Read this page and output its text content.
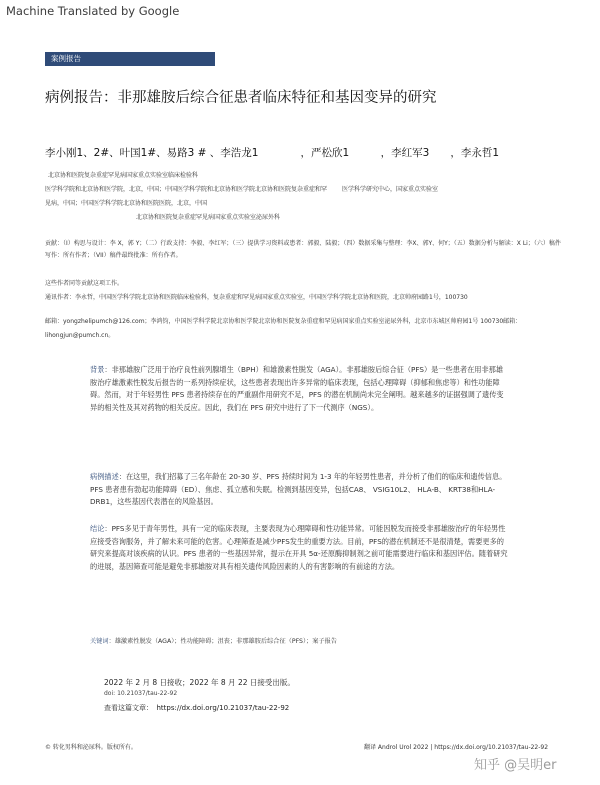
Machine Translated by Google
案例报告
病例报告：非那雄胺后综合征患者临床特征和基因变异的研究
李小刚1、2#、叶国1#、易路3 # 、李浩龙1　　　　，严松欣1　　　，李红军3　　，李永哲1
北京协和医院复杂重症罕见病国家重点实验室临床检验科
医学科学院和北京协和医学院，北京，中国；中国医学科学院和北京协和医学院北京协和医院复杂重症和罕 医学科学研究中心，国家重点实验室
见病，中国；中国医学科学院北京协和医院医院，北京，中国
北京协和医院复杂重症罕见病国家重点实验室泌尿外科
贡献：（I）构思与设计：李 X，郭 Y；（二）行政支持：李毅、李红军；（三）提供学习资料或患者：郭毅、陆毅；（四）数据采集与整理：李X、郭Y、何Y；（五）数据分析与解读：X Li；（六）稿件写作：所有作者；（VII）稿件最终批准：所有作者。
这些作者同等贡献这项工作。
通讯作者：李永哲，中国医学科学院北京协和医院临床检验科，复杂重症和罕见病国家重点实验室，中国医学科学院北京协和医院，北京帅府园路1号，100730
邮箱：yongzhelipumch@126.com；李鸿钧，中国医学科学院北京协和医学院北京协和医院复杂重症和罕见病国家重点实验室泌尿外科，北京市东城区帅府园1号 100730邮箱：
lihongjun@pumch.cn。
背景：非那雄胺广泛用于治疗良性前列腺增生（BPH）和雄激素性脱发（AGA）。非那雄胺后综合征（PFS）是一些患者在用非那雄胺治疗雄激素性脱发后报告的一系列持续症状，这些患者表现出许多异常的临床表现，包括心理障碍（抑郁和焦虑等）和性功能障碍。然而，对于年轻男性 PFS 患者持续存在的严重副作用研究不足，PFS 的潜在机制尚未完全阐明。越来越多的证据强调了遗传变异的相关性及其对药物的相关反应。因此，我们在 PFS 研究中进行了下一代测序（NGS）。
病例描述：在这里，我们招募了三名年龄在 20-30 岁、PFS 持续时间为 1-3 年的年轻男性患者，并分析了他们的临床和遗传信息。PFS 患者患有勃起功能障碍（ED）、焦虑、孤立感和失眠。检测到基因变异，包括CA8、 VSIG10L2、 HLA-B、 KRT38和HLA-DRB1，这些基因代表潜在的风险基因。
结论：PFS多见于青年男性，具有一定的临床表现，主要表现为心理障碍和性功能异常。可能因脱发而接受非那雄胺治疗的年轻男性应接受咨询服务，并了解未来可能的危害。心理筛查是减少PFS发生的重要方法。目前，PFS的潜在机制还不是很清楚，需要更多的研究来提高对该疾病的认识。PFS 患者的一些基因异常，提示在开具 5α-还原酶抑制剂之前可能需要进行临床和基因评估。随着研究的进展，基因筛查可能是避免非那雄胺对具有相关遗传风险因素的人的有害影响的有前途的方法。
关键词：雄激素性脱发（AGA）；性功能障碍；沮丧；非那雄胺后综合征（PFS）；案子报告
2022 年 2 月 8 日接收；2022 年 8 月 22 日接受出版。
doi: 10.21037/tau-22-92
查看这篇文章：　https://dx.doi.org/10.21037/tau-22-92
© 转化男科和泌尿科。版权所有。	翻译 Androl Urol 2022 | https://dx.doi.org/10.21037/tau-22-92
知乎 @吴明er
